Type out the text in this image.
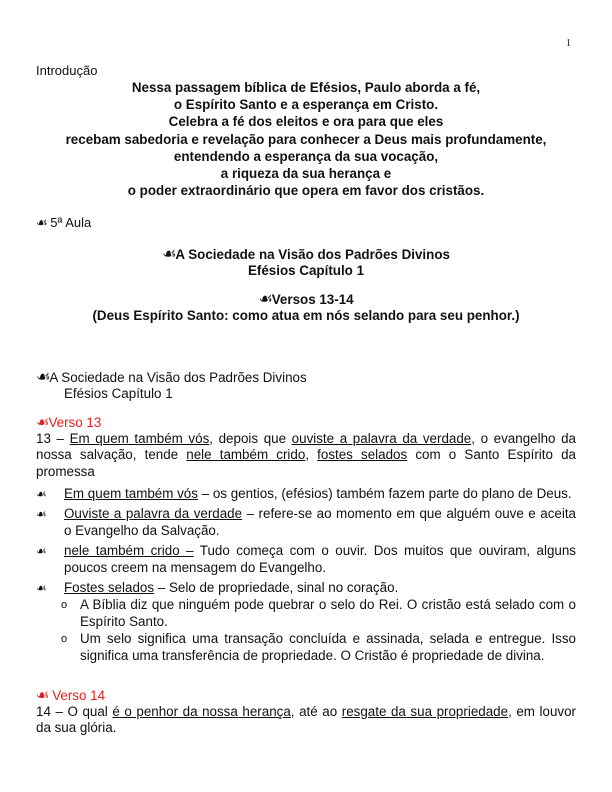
1
Introdução
Nessa passagem bíblica de Efésios, Paulo aborda a fé,
o Espírito Santo e a esperança em Cristo.
Celebra a fé dos eleitos e ora para que eles
recebam sabedoria e revelação para conhecer a Deus mais profundamente,
entendendo a esperança da sua vocação,
a riqueza da sua herança e
o poder extraordinário que opera em favor dos cristãos.
☙ 5ª Aula
☙A Sociedade na Visão dos Padrões Divinos
Efésios Capítulo 1
☙Versos 13-14
(Deus Espírito Santo: como atua em nós selando para seu penhor.)
☙A Sociedade na Visão dos Padrões Divinos
Efésios Capítulo 1
☙Verso 13
13 – Em quem também vós, depois que ouviste a palavra da verdade, o evangelho da nossa salvação, tende nele também crido, fostes selados com o Santo Espírito da promessa
☙ Em quem também vós – os gentios, (efésios) também fazem parte do plano de Deus.
☙ Ouviste a palavra da verdade – refere-se ao momento em que alguém ouve e aceita o Evangelho da Salvação.
☙ nele também crido – Tudo começa com o ouvir. Dos muitos que ouviram, alguns poucos creem na mensagem do Evangelho.
☙ Fostes selados – Selo de propriedade, sinal no coração.
o A Bíblia diz que ninguém pode quebrar o selo do Rei. O cristão está selado com o Espírito Santo.
o Um selo significa uma transação concluída e assinada, selada e entregue. Isso significa uma transferência de propriedade. O Cristão é propriedade de divina.
☙ Verso 14
14 – O qual é o penhor da nossa herança, até ao resgate da sua propriedade, em louvor da sua glória.
